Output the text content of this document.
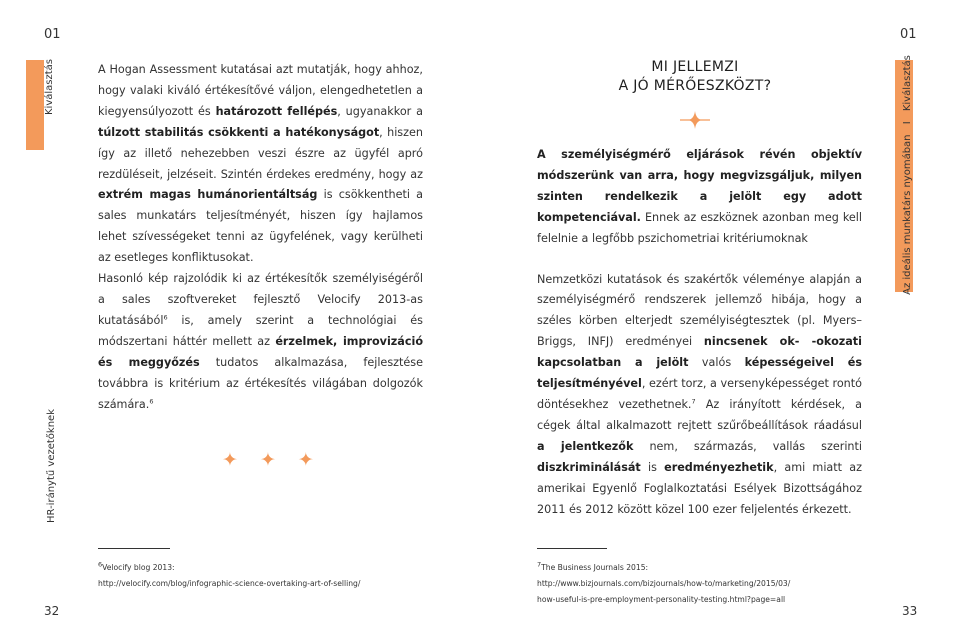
01
Kiválasztás
HR-iránytű vezetőknek

A Hogan Assessment kutatásai azt mutatják, hogy ahhoz, hogy valaki kiváló értékesítővé váljon, elengedhetetlen a kiegyensúlyozott és határozott fellépés, ugyanakkor a túlzott stabilitás csökkenti a hatékonyságot, hiszen így az illető nehezebben veszi észre az ügyfél apró rezdüléseit, jelzéseit. Szintén érdekes eredmény, hogy az extrém magas humánorientáltság is csökkentheti a sales munkatárs teljesítményét, hiszen így hajlamos lehet szívességeket tenni az ügyfelének, vagy kerülheti az esetleges konfliktusokat.

Hasonló kép rajzolódik ki az értékesítők személyiségéről a sales szoftvereket fejlesztő Velocify 2013-as kutatásából$^6$ is, amely szerint a technológiai és módszertani háttér mellett az érzelmek, improvizáció és meggyőzés tudatos alkalmazása, fejlesztése továbbra is kritérium az értékesítés világában dolgozók számára.$^6$

✦ ✦ ✦
$^6$Velocify blog 2013:
http://velocify.com/blog/infographic-science-overtaking-art-of-selling/
32
01
Az ideális munkatárs nyomában I Kiválasztás
MI JELLEMZI
A JÓ MÉRŐESZKÖZT?

A személyiségmérő eljárások révén objektív módszerünk van arra, hogy megvizsgáljuk, milyen szinten rendelkezik a jelölt egy adott kompetenciával. Ennek az eszköznek azonban meg kell felelnie a legfőbb pszichometriai kritériumoknak

Nemzetközi kutatások és szakértők véleménye alapján a személyiségmérő rendszerek jellemző hibája, hogy a széles körben elterjedt személyiségtesztek (pl. Myers–Briggs, INFJ) eredményei nincsenek ok- -okozati kapcsolatban a jelölt valós képességeivel és teljesítményével, ezért torz, a versenyképességet rontó döntésekhez vezethetnek.$^7$ Az irányított kérdések, a cégek által alkalmazott rejtett szűrőbeállítások ráadásul a jelentkezők nem, származás, vallás szerinti diszkriminálását is eredményezhetik, ami miatt az amerikai Egyenlő Foglalkoztatási Esélyek Bizottságához 2011 és 2012 között közel 100 ezer feljelentés érkezett.

$^7$The Business Journals 2015:
http://www.bizjournals.com/bizjournals/how-to/marketing/2015/03/
how-useful-is-pre-employment-personality-testing.html?page=all
33
